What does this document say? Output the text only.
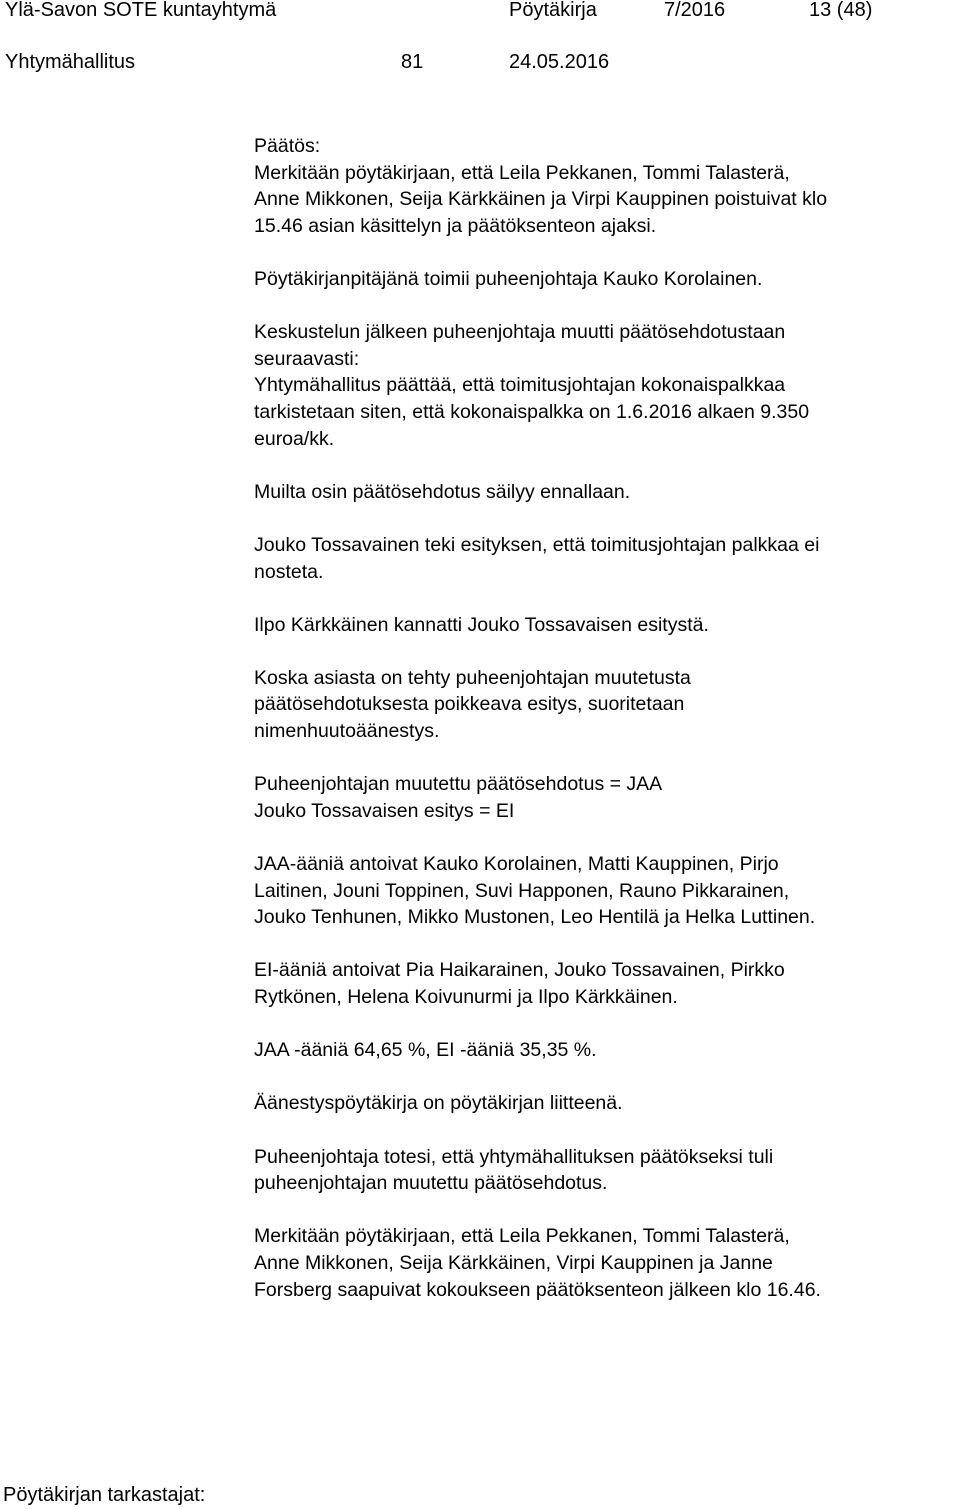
Ylä-Savon SOTE kuntayhtymä	Pöytäkirja	7/2016	13 (48)
Yhtymähallitus	81	24.05.2016
Päätös:
Merkitään pöytäkirjaan, että Leila Pekkanen, Tommi Talasterä,
Anne Mikkonen, Seija Kärkkäinen ja Virpi Kauppinen poistuivat klo
15.46 asian käsittelyn ja päätöksenteon ajaksi.
Pöytäkirjanpitäjänä toimii puheenjohtaja Kauko Korolainen.
Keskustelun jälkeen puheenjohtaja muutti päätösehdotustaan
seuraavasti:
Yhtymähallitus päättää, että toimitusjohtajan kokonaispalkkaa
tarkistetaan siten, että kokonaispalkka on 1.6.2016 alkaen 9.350
euroa/kk.
Muilta osin päätösehdotus säilyy ennallaan.
Jouko Tossavainen teki esityksen, että toimitusjohtajan palkkaa ei
nosteta.
Ilpo Kärkkäinen kannatti Jouko Tossavaisen esitystä.
Koska asiasta on tehty puheenjohtajan muutetusta
päätösehdotuksesta poikkeava esitys, suoritetaan
nimenhuutoäänestys.
Puheenjohtajan muutettu päätösehdotus = JAA
Jouko Tossavaisen esitys = EI
JAA-ääniä antoivat Kauko Korolainen, Matti Kauppinen, Pirjo
Laitinen, Jouni Toppinen, Suvi Happonen, Rauno Pikkarainen,
Jouko Tenhunen, Mikko Mustonen, Leo Hentilä ja Helka Luttinen.
EI-ääniä antoivat Pia Haikarainen, Jouko Tossavainen, Pirkko
Rytkönen, Helena Koivunurmi ja Ilpo Kärkkäinen.
JAA -ääniä 64,65 %, EI -ääniä 35,35 %.
Äänestyspöytäkirja on pöytäkirjan liitteenä.
Puheenjohtaja totesi, että yhtymähallituksen päätökseksi tuli
puheenjohtajan muutettu päätösehdotus.
Merkitään pöytäkirjaan, että Leila Pekkanen, Tommi Talasterä,
Anne Mikkonen, Seija Kärkkäinen, Virpi Kauppinen ja Janne
Forsberg saapuivat kokoukseen päätöksenteon jälkeen klo 16.46.
Pöytäkirjan tarkastajat:
